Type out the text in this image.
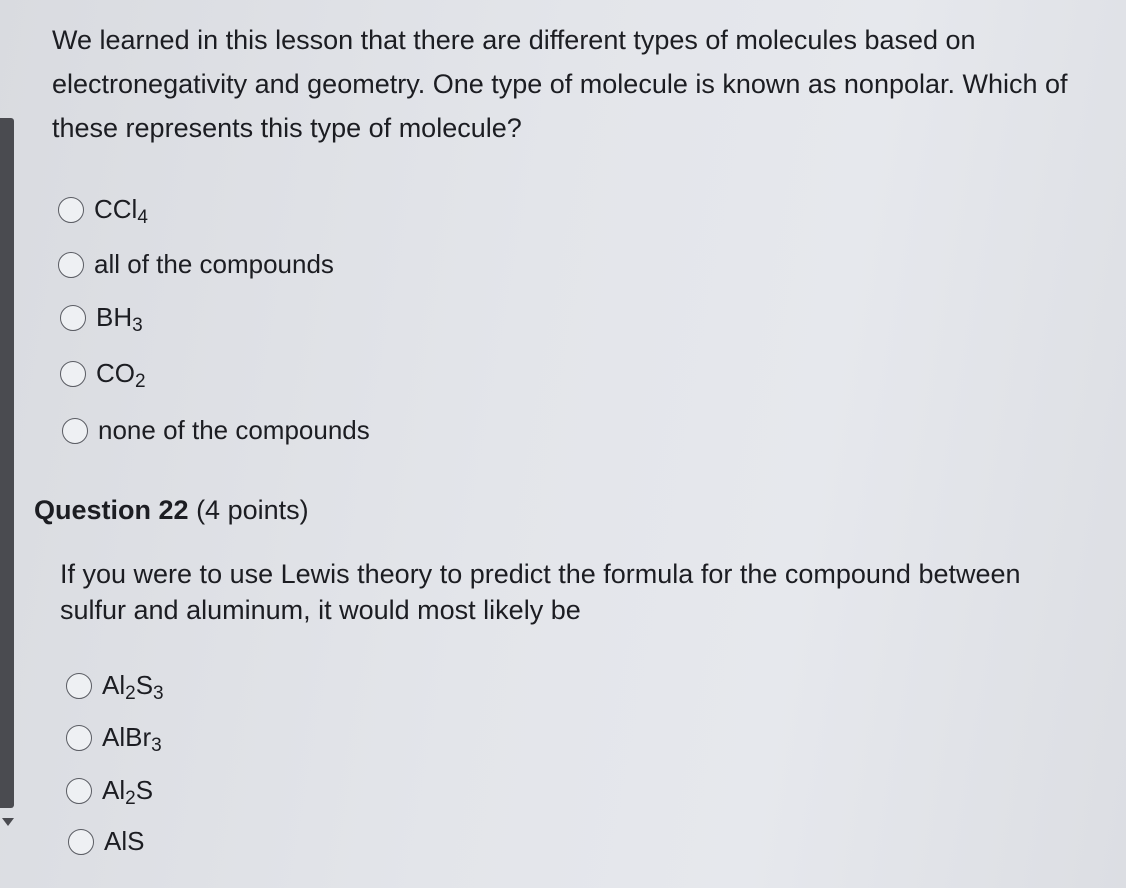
We learned in this lesson that there are different types of molecules based on electronegativity and geometry. One type of molecule is known as nonpolar. Which of these represents this type of molecule?

CCl$_4$
all of the compounds
$BH_3$
$CO_2$
none of the compounds
Question 22 (4 points)

If you were to use Lewis theory to predict the formula for the compound between sulfur and aluminum, it would most likely be

$Al_2S_3$
AlBr$_3$
$Al_2S$
AlS
